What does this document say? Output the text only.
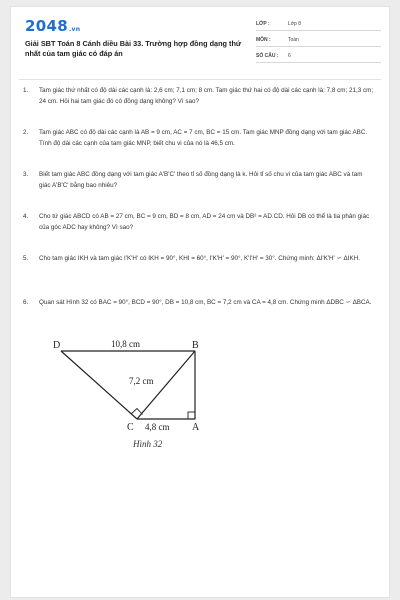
2048.vn
Giải SBT Toán 8 Cánh diều Bài 33. Trường hợp đồng dạng thứ nhất của tam giác có đáp án
LỚP :	Lớp 8
MÔN :	Toán
SỐ CÂU : 6
1. Tam giác thứ nhất có độ dài các cạnh là: 2,6 cm; 7,1 cm; 8 cm. Tam giác thứ hai có độ dài các cạnh là: 7,8 cm; 21,3 cm; 24 cm. Hỏi hai tam giác đó có đồng dạng không? Vì sao?
2. Tam giác ABC có độ dài các cạnh là AB = 9 cm, AC = 7 cm, BC = 15 cm. Tam giác MNP đồng dạng với tam giác ABC. Tính độ dài các cạnh của tam giác MNP, biết chu vi của nó là 46,5 cm.
3. Biết tam giác ABC đồng dạng với tam giác A'B'C' theo tỉ số đồng dạng là k. Hỏi tỉ số chu vi của tam giác ABC và tam giác A'B'C' bằng bao nhiêu?
4. Cho tứ giác ABCD có AB = 27 cm, BC = 9 cm, BD = 8 cm, AD = 24 cm và DB² = AD.CD. Hỏi DB có thể là tia phân giác của góc ADC hay không? Vì sao?
5. Cho tam giác IKH và tam giác I'K'H' có IKH = 90°, KHI = 60°, I'K'H' = 90°, K'I'H' = 30°. Chứng minh: ΔI'K'H' ∽ ΔIKH.
6. Quan sát Hình 32 có BAC = 90°, BCD = 90°, DB = 10,8 cm, BC = 7,2 cm và CA = 4,8 cm. Chứng minh ΔDBC ∽ ΔBCA.
D	B
C	A
10,8 cm
7,2 cm
4,8 cm
Hình 32
